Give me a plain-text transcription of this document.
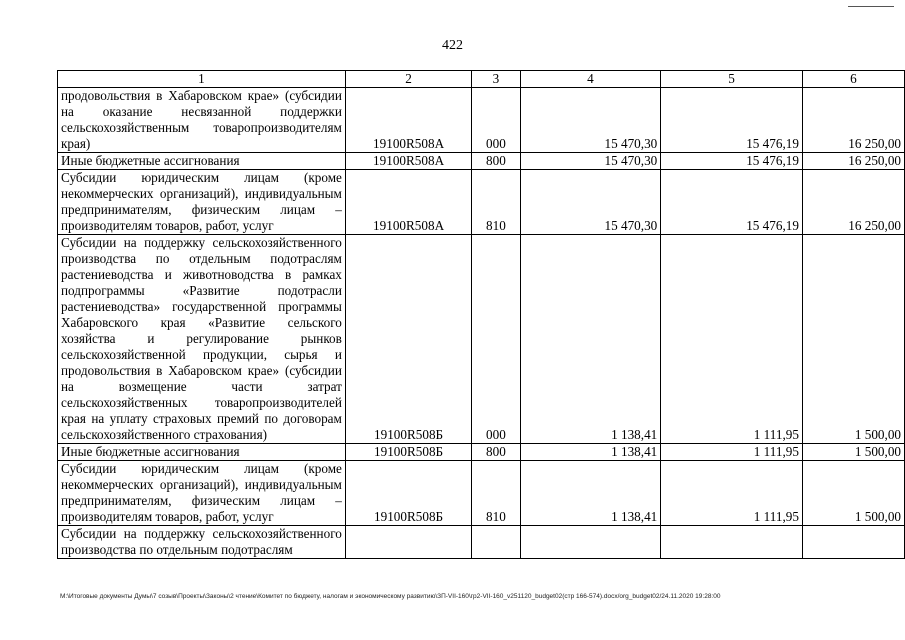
422
1	2	3	4	5	6
продовольствия в Хабаровском крае» (субсидии на оказание несвязанной поддержки сельскохозяйственным товаропроизводителям края)	19100R508А	000	15 470,30	15 476,19	16 250,00
Иные бюджетные ассигнования	19100R508А	800	15 470,30	15 476,19	16 250,00
Субсидии юридическим лицам (кроме некоммерческих организаций), индивидуальным предпринимателям, физическим лицам – производителям товаров, работ, услуг	19100R508А	810	15 470,30	15 476,19	16 250,00
Субсидии на поддержку сельскохозяйственного производства по отдельным подотраслям растениеводства и животноводства в рамках подпрограммы «Развитие подотрасли растениеводства» государственной программы Хабаровского края «Развитие сельского хозяйства и регулирование рынков сельскохозяйственной продукции, сырья и продовольствия в Хабаровском крае» (субсидии на возмещение части затрат сельскохозяйственных товаропроизводителей края на уплату страховых премий по договорам сельскохозяйственного страхования)	19100R508Б	000	1 138,41	1 111,95	1 500,00
Иные бюджетные ассигнования	19100R508Б	800	1 138,41	1 111,95	1 500,00
Субсидии юридическим лицам (кроме некоммерческих организаций), индивидуальным предпринимателям, физическим лицам – производителям товаров, работ, услуг	19100R508Б	810	1 138,41	1 111,95	1 500,00
Субсидии на поддержку сельскохозяйственного производства по отдельным подотраслям					
М:\Итоговые документы Думы\7 созыв\Проекты\Законы\2 чтение\Комитет по бюджету, налогам и экономическому развитию\ЗП-VII-160\гр2-VII-160_v251120_budget02(стр 166-574).docx/org_budget02/24.11.2020 19:28:00
